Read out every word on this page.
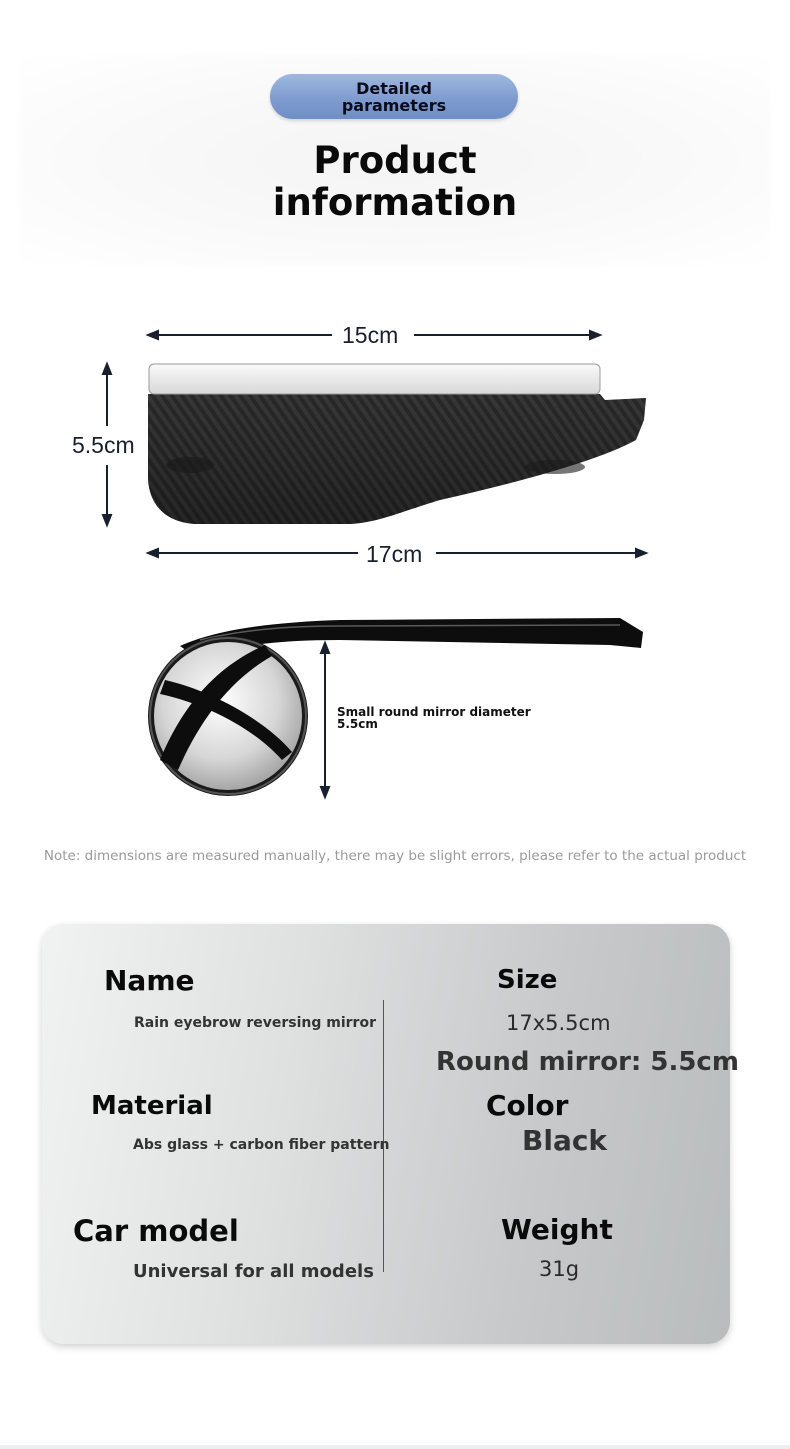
Detailed parameters
Product information
15cm
5.5cm
17cm
Small round mirror diameter 5.5cm
Note: dimensions are measured manually, there may be slight errors, please refer to the actual product
Name
Rain eyebrow reversing mirror
Size
17x5.5cm
Round mirror: 5.5cm
Material
Abs glass + carbon fiber pattern
Color
Black
Car model
Universal for all models
Weight
31g
